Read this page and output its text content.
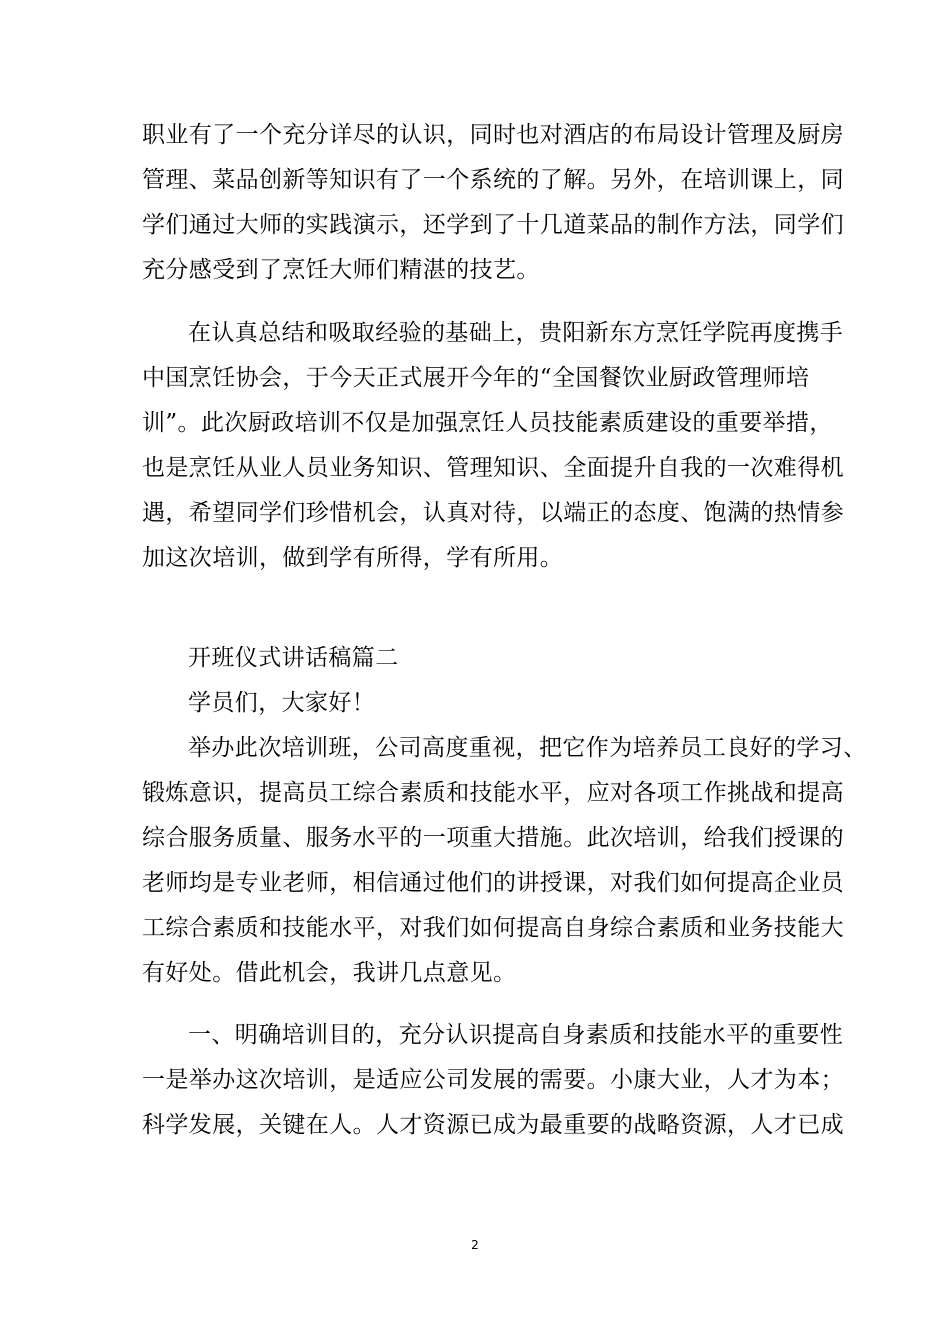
职业有了一个充分详尽的认识，同时也对酒店的布局设计管理及厨房
管理、菜品创新等知识有了一个系统的了解。另外，在培训课上，同
学们通过大师的实践演示，还学到了十几道菜品的制作方法，同学们
充分感受到了烹饪大师们精湛的技艺。
在认真总结和吸取经验的基础上，贵阳新东方烹饪学院再度携手
中国烹饪协会，于今天正式展开今年的“全国餐饮业厨政管理师培
训”。此次厨政培训不仅是加强烹饪人员技能素质建设的重要举措，
也是烹饪从业人员业务知识、管理知识、全面提升自我的一次难得机
遇，希望同学们珍惜机会，认真对待，以端正的态度、饱满的热情参
加这次培训，做到学有所得，学有所用。
开班仪式讲话稿篇二
学员们，大家好！
举办此次培训班，公司高度重视，把它作为培养员工良好的学习、
锻炼意识，提高员工综合素质和技能水平，应对各项工作挑战和提高
综合服务质量、服务水平的一项重大措施。此次培训，给我们授课的
老师均是专业老师，相信通过他们的讲授课，对我们如何提高企业员
工综合素质和技能水平，对我们如何提高自身综合素质和业务技能大
有好处。借此机会，我讲几点意见。
一、明确培训目的，充分认识提高自身素质和技能水平的重要性
一是举办这次培训，是适应公司发展的需要。小康大业，人才为本；
科学发展，关键在人。人才资源已成为最重要的战略资源，人才已成
2
